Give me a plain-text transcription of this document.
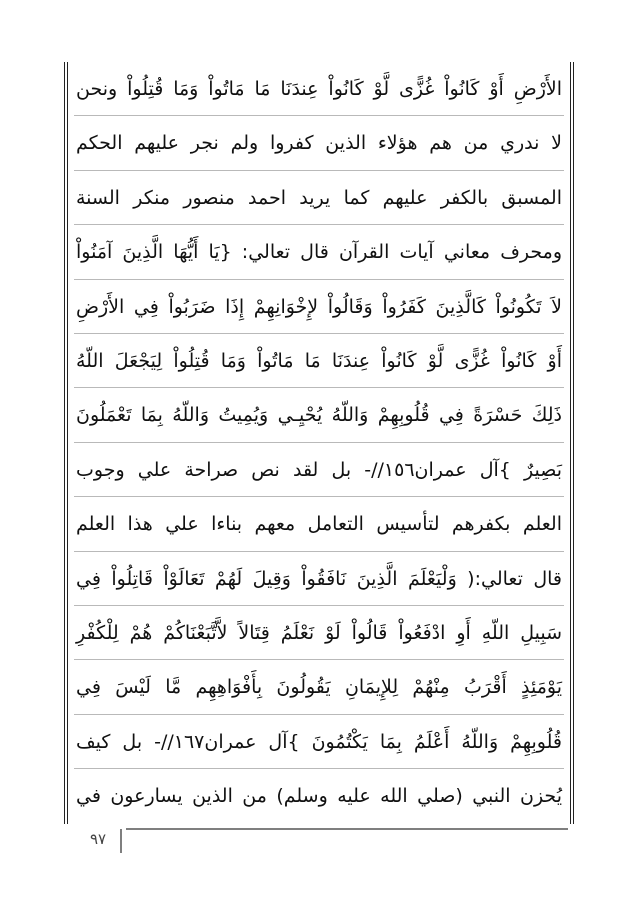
الأَرْضِ أَوْ كَانُواْ غُزًّى لَّوْ كَانُواْ عِندَنَا مَا مَاتُواْ وَمَا قُتِلُواْ ونحن
لا ندري من هم هؤلاء الذين كفروا ولم نجر عليهم الحكم
المسبق بالكفر عليهم كما يريد احمد منصور منكر السنة
ومحرف معاني آيات القرآن قال تعالي: {يَا أَيُّهَا الَّذِينَ آمَنُواْ
لاَ تَكُونُواْ كَالَّذِينَ كَفَرُواْ وَقَالُواْ لإِخْوَانِهِمْ إِذَا ضَرَبُواْ فِي الأَرْضِ
أَوْ كَانُواْ غُزًّى لَّوْ كَانُواْ عِندَنَا مَا مَاتُواْ وَمَا قُتِلُواْ لِيَجْعَلَ اللّهُ
ذَلِكَ حَسْرَةً فِي قُلُوبِهِمْ وَاللّهُ يُحْيِـي وَيُمِيتُ وَاللّهُ بِمَا تَعْمَلُونَ
بَصِيرٌ }آل عمران١٥٦//- بل لقد نص صراحة علي وجوب
العلم بكفرهم لتأسيس التعامل معهم بناءا علي هذا العلم
قال تعالي:( وَلْيَعْلَمَ الَّذِينَ نَافَقُواْ وَقِيلَ لَهُمْ تَعَالَوْاْ قَاتِلُواْ فِي
سَبِيلِ اللّهِ أَوِ ادْفَعُواْ قَالُواْ لَوْ نَعْلَمُ قِتَالاً لاَّتَّبَعْنَاكُمْ هُمْ لِلْكُفْرِ
يَوْمَئِذٍ أَقْرَبُ مِنْهُمْ لِلإِيمَانِ يَقُولُونَ بِأَفْوَاهِهِم مَّا لَيْسَ فِي
قُلُوبِهِمْ وَاللّهُ أَعْلَمُ بِمَا يَكْتُمُونَ }آل عمران١٦٧//- بل كيف
يُحزن النبي (صلي الله عليه وسلم) من الذين يسارعون في
٩٧
